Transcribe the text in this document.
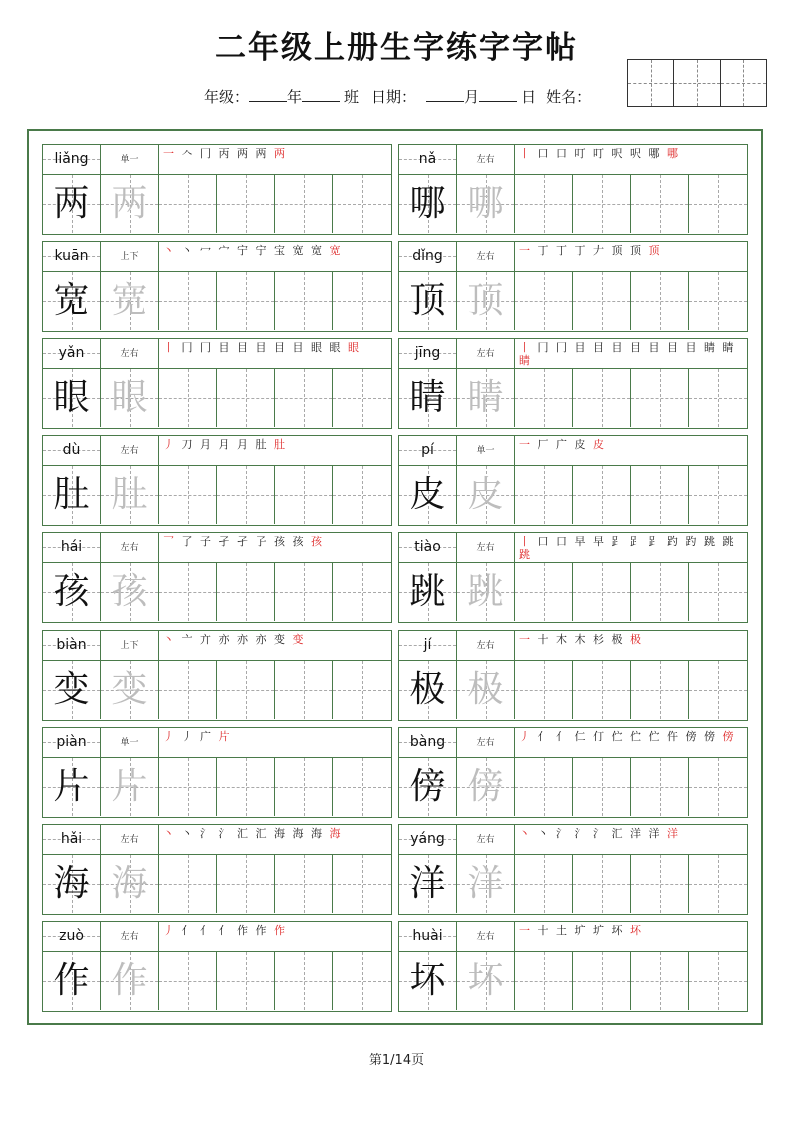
二年级上册生字练字字帖
年级：	年	班 日期：	月	日 姓名：
liǎng	单一	一 𠆢 冂 丙 两 两 两
两 两
nǎ	左右	丨 口 口 叮 叮 呎 呎 哪 哪
哪 哪
kuān	上下	丶 丶 冖 宀 宁 宁 宝 宽 宽 宽
宽 宽
dǐng	左右	一 丁 丁 丁 𠂇 顶 顶 顶
顶 顶
yǎn	左右	丨 冂 冂 目 目 目 目 目 眼 眼 眼
眼 眼
jīng	左右	丨 冂 冂 目 目 目 目 目 目 目 睛 睛 睛
睛 睛
dù	左右	丿 刀 月 月 月 肚 肚
肚 肚
pí	单一	一 厂 广 皮 皮
皮 皮
hái	左右	乛 了 子 孑 孑 孒 孩 孩 孩
孩 孩
tiào	左右	丨 口 口 早 早 𧾷 𧾷 𧾷 趵 趵 跳 跳 跳
跳 跳
biàn	上下	丶 亠 亣 亦 亦 亦 变 变
变 变
jí	左右	一 十 木 木 杉 极 极
极 极
piàn	单一	丿 丿 广 片
片 片
bàng	左右	丿 亻 亻 仁 仃 伫 伫 伫 仵 傍 傍 傍
傍 傍
hǎi	左右	丶 丶 氵 氵 汇 汇 海 海 海 海
海 海
yáng	左右	丶 丶 氵 氵 氵 汇 洋 洋 洋
洋 洋
zuò	左右	丿 亻 亻 亻 作 作 作
作 作
huài	左右	一 十 土 圹 圹 坏 坏
坏 坏
第1/14页
